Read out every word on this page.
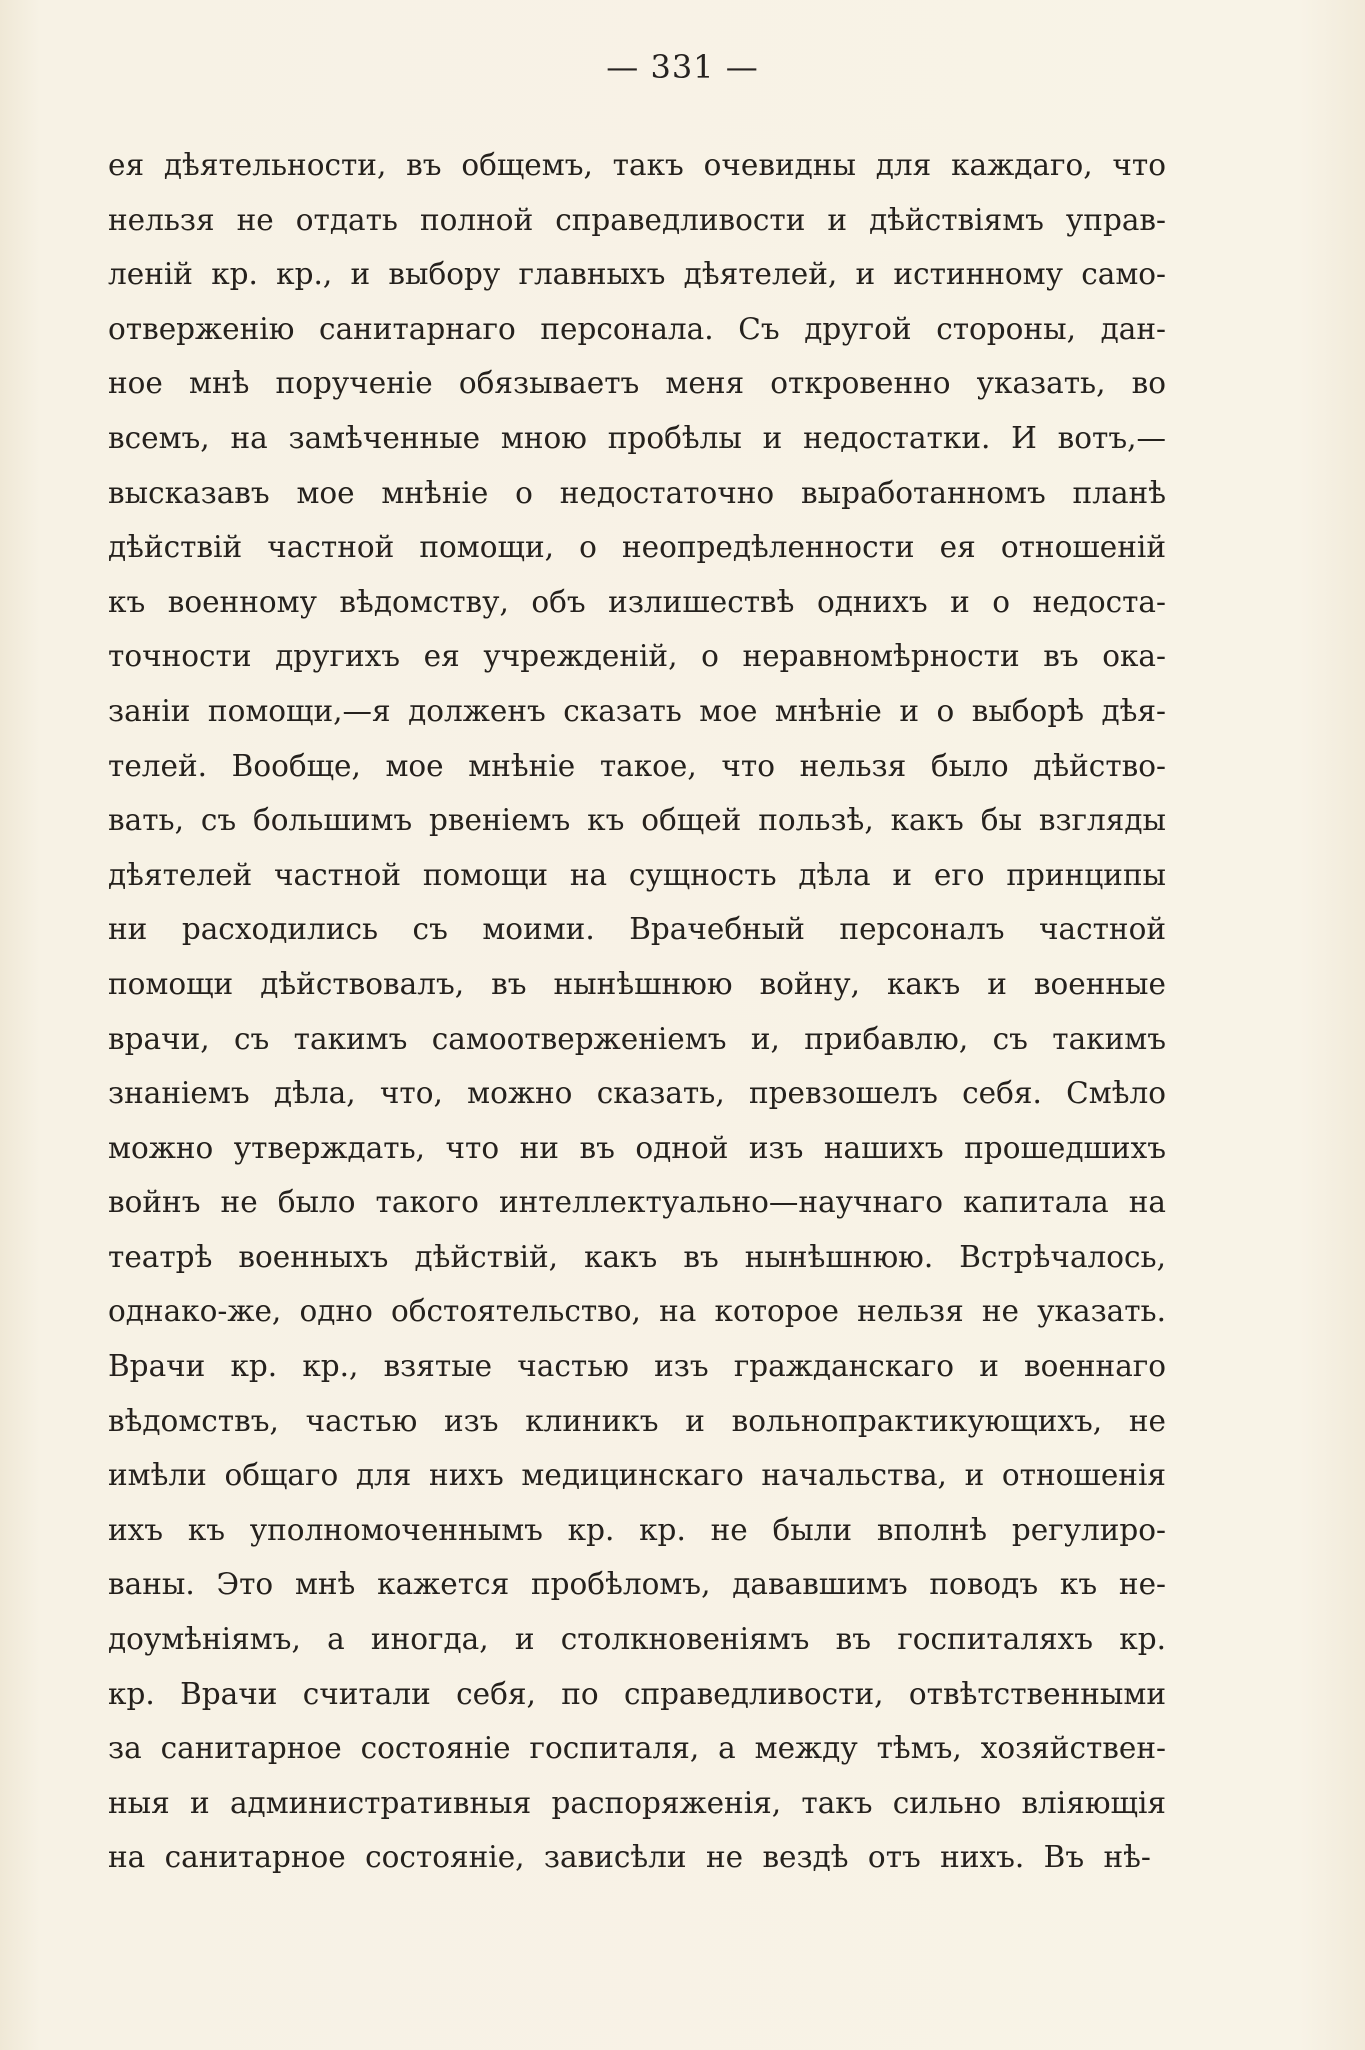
— 331 —
ея дѣятельности, въ общемъ, такъ очевидны для каждаго, что
нельзя не отдать полной справедливости и дѣйствіямъ управ-
леній кр. кр., и выбору главныхъ дѣятелей, и истинному само-
отверженію санитарнаго персонала. Съ другой стороны, дан-
ное мнѣ порученіе обязываетъ меня откровенно указать, во
всемъ, на замѣченные мною пробѣлы и недостатки. И вотъ,—
высказавъ мое мнѣніе о недостаточно выработанномъ планѣ
дѣйствій частной помощи, о неопредѣленности ея отношеній
къ военному вѣдомству, объ излишествѣ однихъ и о недоста-
точности другихъ ея учрежденій, о неравномѣрности въ ока-
заніи помощи,—я долженъ сказать мое мнѣніе и о выборѣ дѣя-
телей. Вообще, мое мнѣніе такое, что нельзя было дѣйство-
вать, съ большимъ рвеніемъ къ общей пользѣ, какъ бы взгляды
дѣятелей частной помощи на сущность дѣла и его принципы
ни расходились съ моими. Врачебный персоналъ частной
помощи дѣйствовалъ, въ нынѣшнюю войну, какъ и военные
врачи, съ такимъ самоотверженіемъ и, прибавлю, съ такимъ
знаніемъ дѣла, что, можно сказать, превзошелъ себя. Смѣло
можно утверждать, что ни въ одной изъ нашихъ прошедшихъ
войнъ не было такого интеллектуально—научнаго капитала на
театрѣ военныхъ дѣйствій, какъ въ нынѣшнюю. Встрѣчалось,
однако-же, одно обстоятельство, на которое нельзя не указать.
Врачи кр. кр., взятые частью изъ гражданскаго и военнаго
вѣдомствъ, частью изъ клиникъ и вольнопрактикующихъ, не
имѣли общаго для нихъ медицинскаго начальства, и отношенія
ихъ къ уполномоченнымъ кр. кр. не были вполнѣ регулиро-
ваны. Это мнѣ кажется пробѣломъ, дававшимъ поводъ къ не-
доумѣніямъ, а иногда, и столкновеніямъ въ госпиталяхъ кр.
кр. Врачи считали себя, по справедливости, отвѣтственными
за санитарное состояніе госпиталя, а между тѣмъ, хозяйствен-
ныя и административныя распоряженія, такъ сильно вліяющія
на санитарное состояніе, зависѣли не вездѣ отъ нихъ. Въ нѣ-
